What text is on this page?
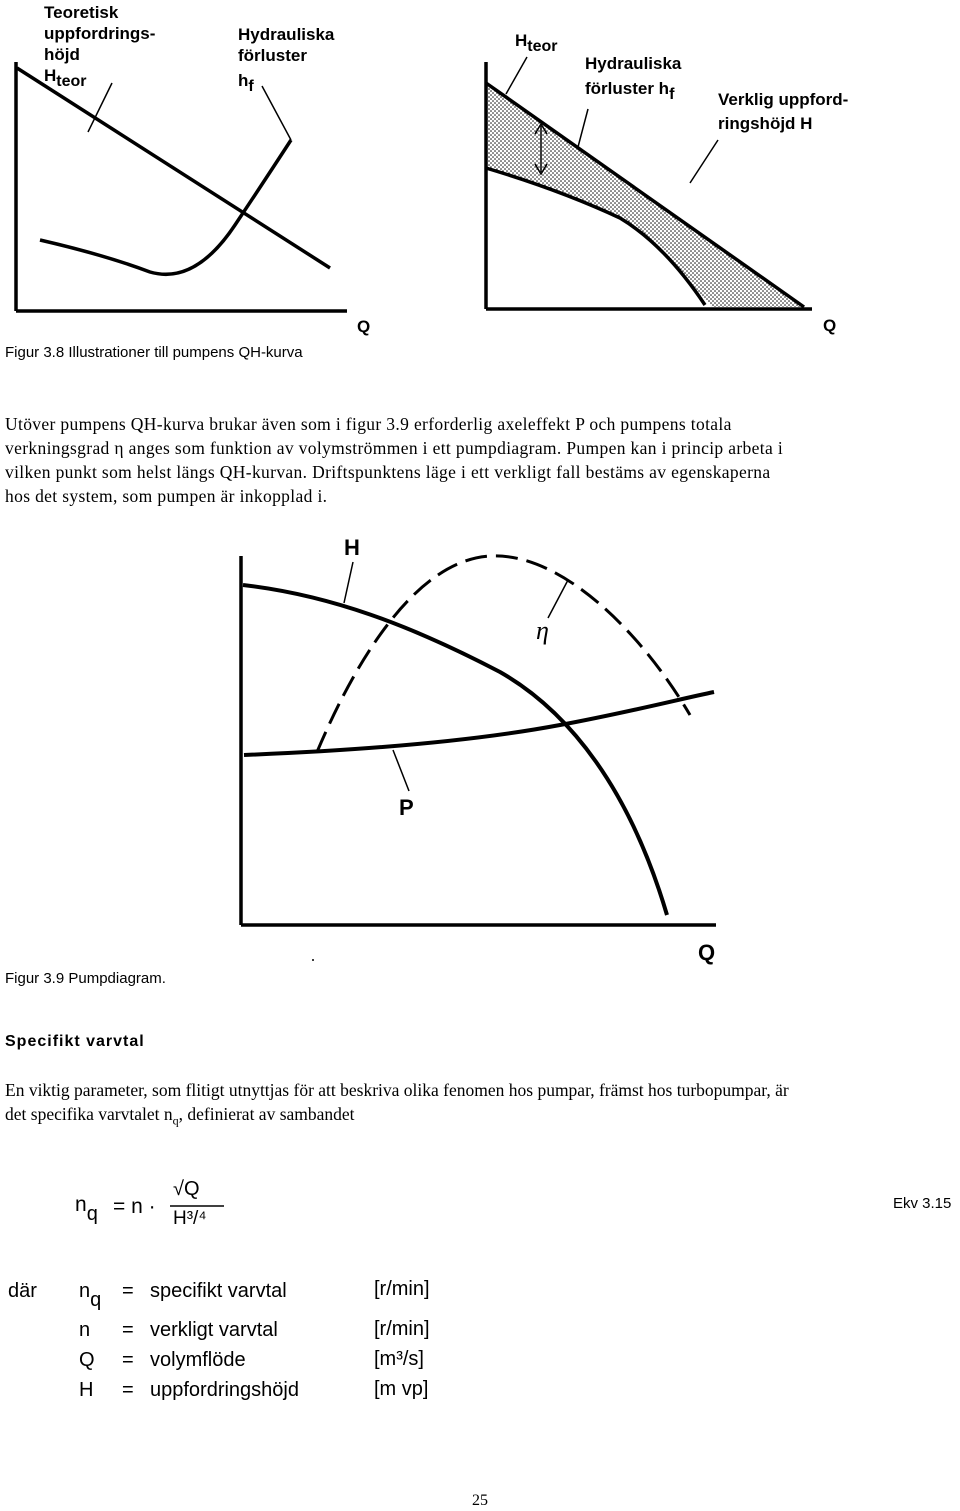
Teoretisk
uppfordrings-
höjd
$H_{teor}$
Hydrauliska
förluster
$h_f$
Q
$H_{teor}$
Hydrauliska
förluster $h_f$	Verklig uppford-
ringshöjd H
Q
Figur 3.8 Illustrationer till pumpens QH-kurva
Utöver pumpens QH-kurva brukar även som i figur 3.9 erforderlig axeleffekt P och pumpens totala
verkningsgrad η anges som funktion av volymströmmen i ett pumpdiagram. Pumpen kan i princip arbeta i
vilken punkt som helst längs QH-kurvan. Driftspunktens läge i ett verkligt fall bestäms av egenskaperna
hos det system, som pumpen är inkopplad i.
H
η
P
Q
Figur 3.9 Pumpdiagram.
Specifikt varvtal
En viktig parameter, som flitigt utnyttjas för att beskriva olika fenomen hos pumpar, främst hos turbopumpar, är
det specifika varvtalet $n_q$, definierat av sambandet
$n_q = n$ ·
√Q
H³/⁴
Ekv 3.15
där $n_q$ = specifikt varvtal	[r/min]
n = verkligt varvtal	[r/min]
Q = volymflöde	[m³/s]
H = uppfordringshöjd	[m vp]
25
